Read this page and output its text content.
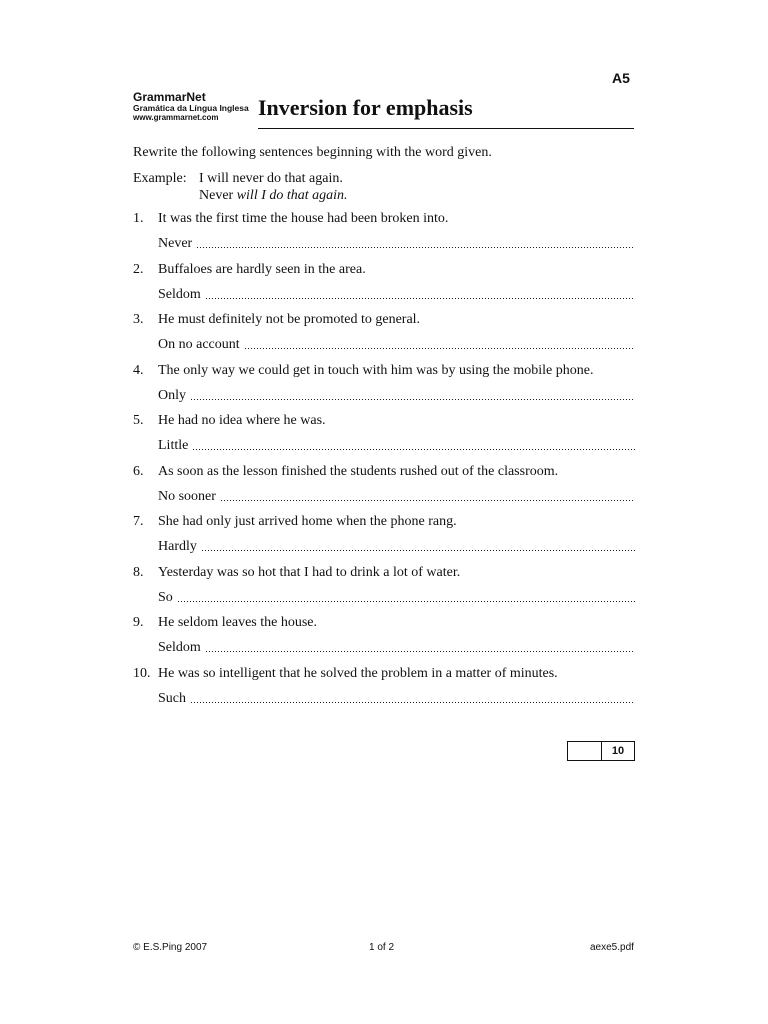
A5
GrammarNet
Gramática da Língua Inglesa
www.grammarnet.com	Inversion for emphasis
Rewrite the following sentences beginning with the word given.
Example: I will never do that again.
Never will I do that again.
1. It was the first time the house had been broken into.
Never
2. Buffaloes are hardly seen in the area.
Seldom
3. He must definitely not be promoted to general.
On no account
4. The only way we could get in touch with him was by using the mobile phone.
Only
5. He had no idea where he was.
Little
6. As soon as the lesson finished the students rushed out of the classroom.
No sooner
7. She had only just arrived home when the phone rang.
Hardly
8. Yesterday was so hot that I had to drink a lot of water.
So
9. He seldom leaves the house.
Seldom
10. He was so intelligent that he solved the problem in a matter of minutes.
Such
10
© E.S.Ping 2007	1 of 2	aexe5.pdf
